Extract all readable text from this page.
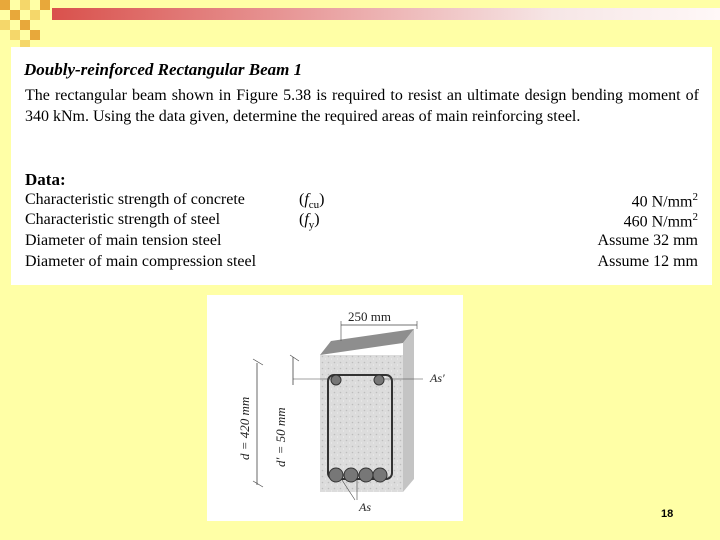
Doubly-reinforced Rectangular Beam 1
The rectangular beam shown in Figure 5.38 is required to resist an ultimate design bending moment of 340 kNm. Using the data given, determine the required areas of main reinforcing steel.
Data:
Characteristic strength of concrete	$(f_{cu})$	40 $N/mm^2$
Characteristic strength of steel	$(f_y)$	460 $N/mm^2$
Diameter of main tension steel	Assume 32 mm
Diameter of main compression steel	Assume 12 mm
250 mm
d = 420 mm d′ = 50 mm
As′
As	18
